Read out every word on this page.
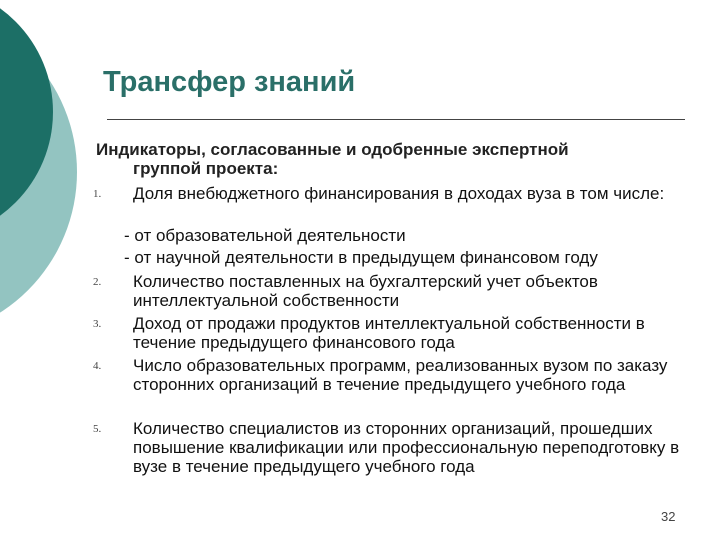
Трансфер знаний
Индикаторы, согласованные и одобренные экспертной
группой проекта:
1. Доля внебюджетного финансирования в доходах вуза в том числе:
- от образовательной деятельности
- от научной деятельности в предыдущем финансовом году
2. Количество поставленных на бухгалтерский учет объектов интеллектуальной собственности
3. Доход от продажи продуктов интеллектуальной собственности в течение предыдущего финансового года
4. Число образовательных программ, реализованных вузом по заказу сторонних организаций в течение предыдущего учебного года
5. Количество специалистов из сторонних организаций, прошедших повышение квалификации или профессиональную переподготовку в вузе в течение предыдущего учебного года
32
